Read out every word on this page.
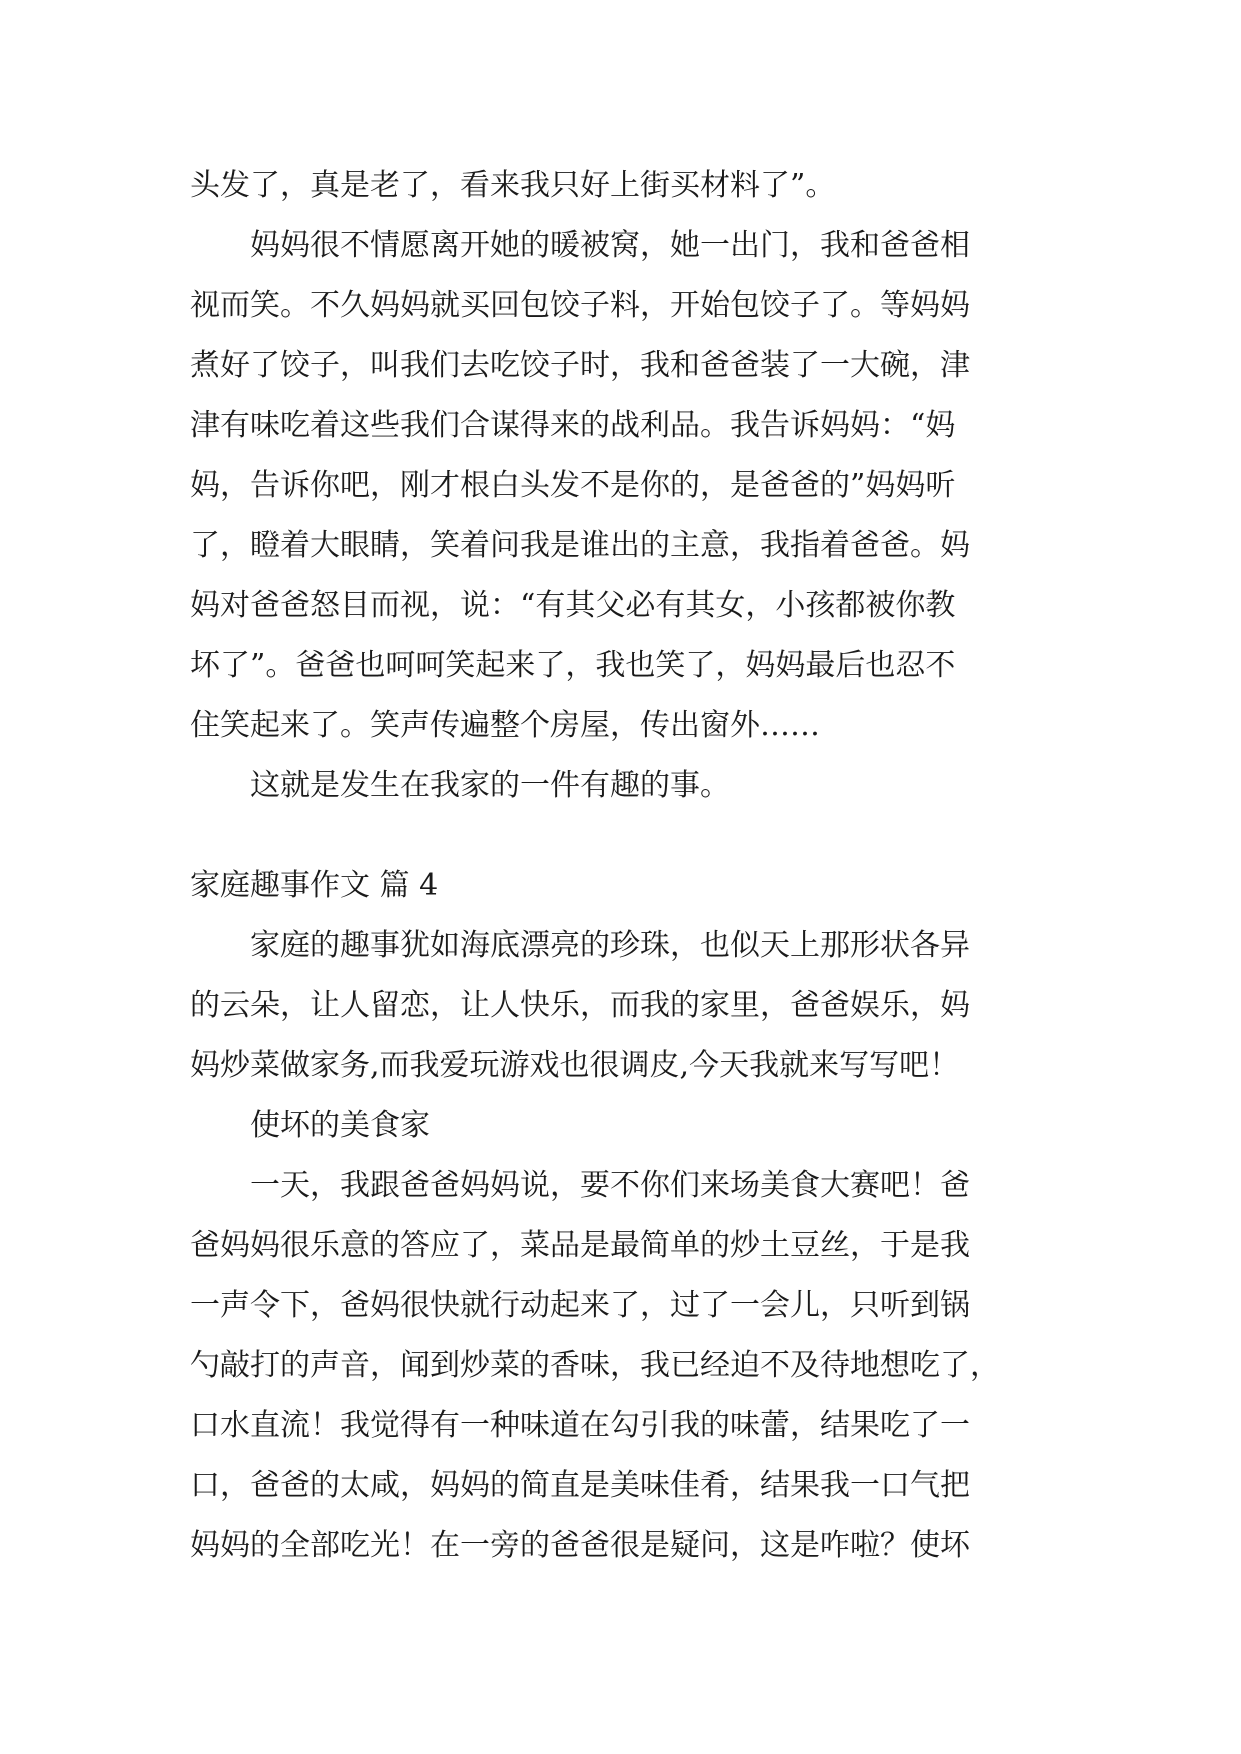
头发了，真是老了，看来我只好上街买材料了”。
妈妈很不情愿离开她的暖被窝，她一出门，我和爸爸相
视而笑。不久妈妈就买回包饺子料，开始包饺子了。等妈妈
煮好了饺子，叫我们去吃饺子时，我和爸爸装了一大碗，津
津有味吃着这些我们合谋得来的战利品。我告诉妈妈：“妈
妈，告诉你吧，刚才根白头发不是你的，是爸爸的”妈妈听
了，瞪着大眼睛，笑着问我是谁出的主意，我指着爸爸。妈
妈对爸爸怒目而视，说：“有其父必有其女，小孩都被你教
坏了”。爸爸也呵呵笑起来了，我也笑了，妈妈最后也忍不
住笑起来了。笑声传遍整个房屋，传出窗外……
这就是发生在我家的一件有趣的事。
家庭趣事作文 篇 4
家庭的趣事犹如海底漂亮的珍珠，也似天上那形状各异
的云朵，让人留恋，让人快乐，而我的家里，爸爸娱乐，妈
妈炒菜做家务,而我爱玩游戏也很调皮,今天我就来写写吧！
使坏的美食家
一天，我跟爸爸妈妈说，要不你们来场美食大赛吧！爸
爸妈妈很乐意的答应了，菜品是最简单的炒土豆丝，于是我
一声令下，爸妈很快就行动起来了，过了一会儿，只听到锅
勺敲打的声音，闻到炒菜的香味，我已经迫不及待地想吃了，
口水直流！我觉得有一种味道在勾引我的味蕾，结果吃了一
口，爸爸的太咸，妈妈的简直是美味佳肴，结果我一口气把
妈妈的全部吃光！在一旁的爸爸很是疑问，这是咋啦？使坏
